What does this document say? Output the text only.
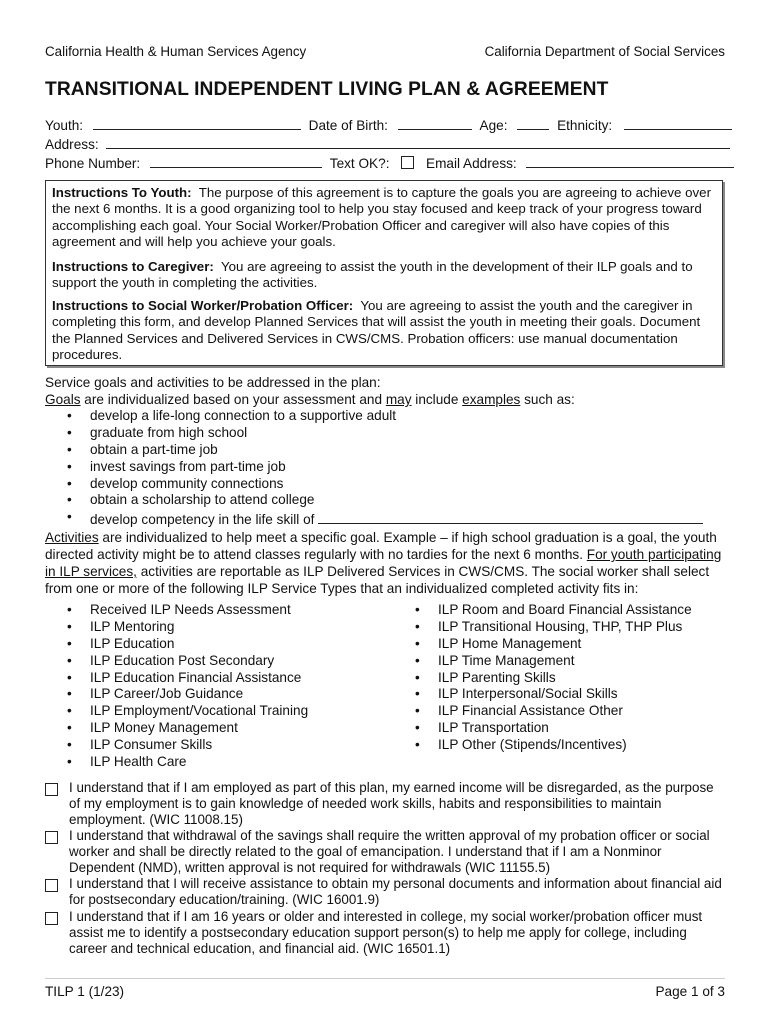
California Health & Human Services Agency	California Department of Social Services
TRANSITIONAL INDEPENDENT LIVING PLAN & AGREEMENT
Youth:	Date of Birth:	Age:	Ethnicity:
Address:
Phone Number:	Text OK?:	Email Address:

Instructions To Youth: The purpose of this agreement is to capture the goals you are agreeing to achieve over the next 6 months. It is a good organizing tool to help you stay focused and keep track of your progress toward accomplishing each goal. Your Social Worker/Probation Officer and caregiver will also have copies of this agreement and will help you achieve your goals.

Instructions to Caregiver: You are agreeing to assist the youth in the development of their ILP goals and to support the youth in completing the activities.

Instructions to Social Worker/Probation Officer: You are agreeing to assist the youth and the caregiver in completing this form, and develop Planned Services that will assist the youth in meeting their goals. Document the Planned Services and Delivered Services in CWS/CMS. Probation officers: use manual documentation procedures.

Service goals and activities to be addressed in the plan:
Goals are individualized based on your assessment and may include examples such as:
• develop a life-long connection to a supportive adult
• graduate from high school
• obtain a part-time job
• invest savings from part-time job
• develop community connections
• obtain a scholarship to attend college
• develop competency in the life skill of

Activities are individualized to help meet a specific goal. Example – if high school graduation is a goal, the youth directed activity might be to attend classes regularly with no tardies for the next 6 months. For youth participating in ILP services, activities are reportable as ILP Delivered Services in CWS/CMS. The social worker shall select from one or more of the following ILP Service Types that an individualized completed activity fits in:

• Received ILP Needs Assessment
• ILP Mentoring
• ILP Education
• ILP Education Post Secondary
• ILP Education Financial Assistance
• ILP Career/Job Guidance
• ILP Employment/Vocational Training
• ILP Money Management
• ILP Consumer Skills
• ILP Health Care
• ILP Room and Board Financial Assistance
• ILP Transitional Housing, THP, THP Plus
• ILP Home Management
• ILP Time Management
• ILP Parenting Skills
• ILP Interpersonal/Social Skills
• ILP Financial Assistance Other
• ILP Transportation
• ILP Other (Stipends/Incentives)

I understand that if I am employed as part of this plan, my earned income will be disregarded, as the purpose of my employment is to gain knowledge of needed work skills, habits and responsibilities to maintain employment. (WIC 11008.15)

I understand that withdrawal of the savings shall require the written approval of my probation officer or social worker and shall be directly related to the goal of emancipation. I understand that if I am a Nonminor Dependent (NMD), written approval is not required for withdrawals (WIC 11155.5)

I understand that I will receive assistance to obtain my personal documents and information about financial aid for postsecondary education/training. (WIC 16001.9)

I understand that if I am 16 years or older and interested in college, my social worker/probation officer must assist me to identify a postsecondary education support person(s) to help me apply for college, including career and technical education, and financial aid. (WIC 16501.1)

TILP 1 (1/23)	Page 1 of 3
